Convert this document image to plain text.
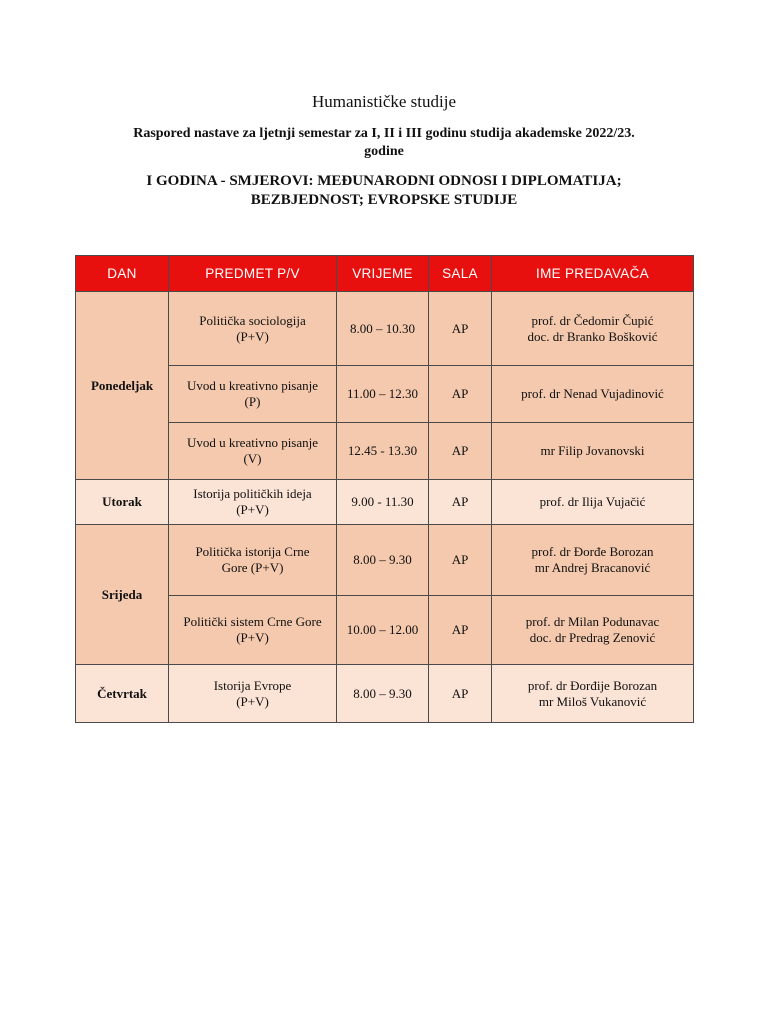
Humanističke studije
Raspored nastave za ljetnji semestar za I, II i III godinu studija akademske 2022/23.
godine
I GODINA - SMJEROVI: MEĐUNARODNI ODNOSI I DIPLOMATIJA;
BEZBJEDNOST; EVROPSKE STUDIJE
DAN	PREDMET P/V	VRIJEME	SALA	IME PREDAVAČA
Ponedeljak	Politička sociologija
(P+V)	8.00 – 10.30	AP	prof. dr Čedomir Čupić
doc. dr Branko Bošković

	Uvod u kreativno pisanje
(P)	11.00 – 12.30	AP	prof. dr Nenad Vujadinović

	Uvod u kreativno pisanje
(V)	12.45 - 13.30	AP	mr Filip Jovanovski

Utorak	Istorija političkih ideja
(P+V)	9.00 - 11.30	AP	prof. dr Ilija Vujačić

Srijeda	Politička istorija Crne
Gore (P+V)	8.00 – 9.30	AP	prof. dr Đorđe Borozan
mr Andrej Bracanović

	Politički sistem Crne Gore
(P+V)	10.00 – 12.00	AP	prof. dr Milan Podunavac
doc. dr Predrag Zenović

Četvrtak	Istorija Evrope
(P+V)	8.00 – 9.30	AP	prof. dr Đorđije Borozan
mr Miloš Vukanović
